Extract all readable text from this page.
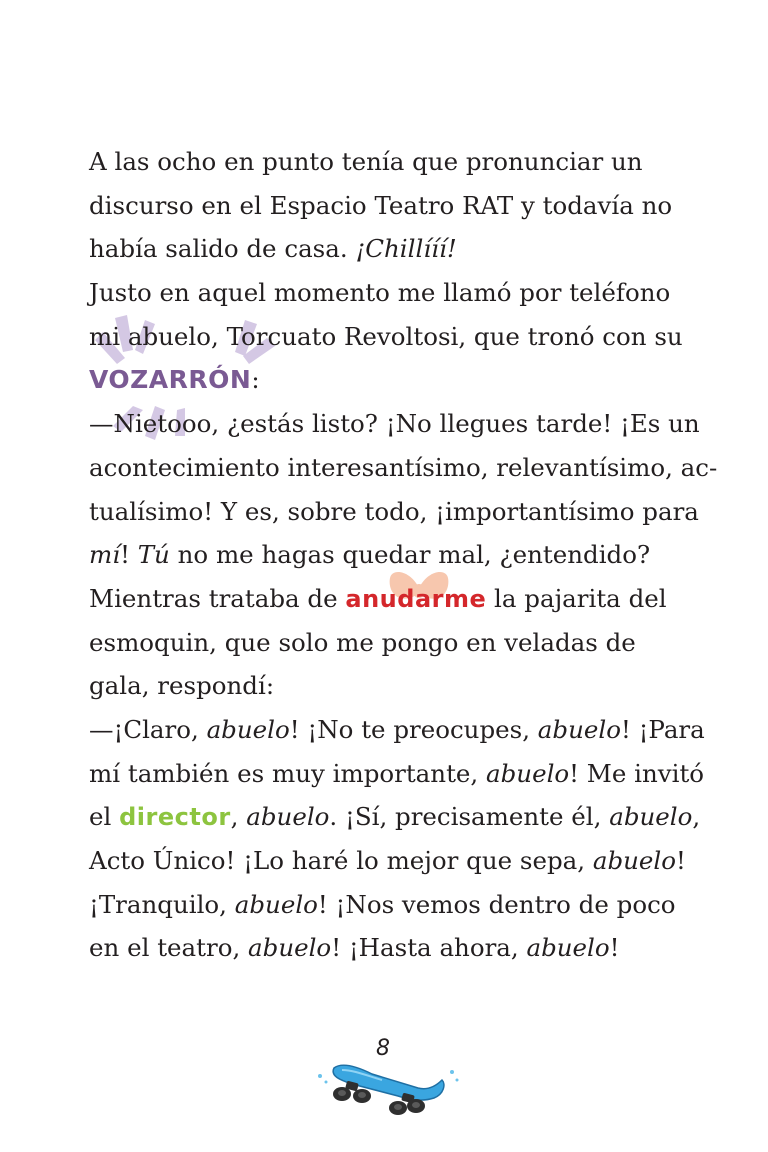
A las ocho en punto tenía que pronunciar un
discurso en el Espacio Teatro RAT y todavía no
había salido de casa. ¡Chillííí!
Justo en aquel momento me llamó por teléfono
mi abuelo, Torcuato Revoltosi, que tronó con su
VOZARRÓN:
—Nietooo, ¿estás listo? ¡No llegues tarde! ¡Es un
acontecimiento interesantísimo, relevantísimo, ac-
tualísimo! Y es, sobre todo, ¡importantísimo para
mí! Tú no me hagas quedar mal, ¿entendido?
Mientras trataba de anudarme la pajarita del
esmoquin, que solo me pongo en veladas de
gala, respondí:
—¡Claro, abuelo! ¡No te preocupes, abuelo! ¡Para
mí también es muy importante, abuelo! Me invitó
el director, abuelo. ¡Sí, precisamente él, abuelo,
Acto Único! ¡Lo haré lo mejor que sepa, abuelo!
¡Tranquilo, abuelo! ¡Nos vemos dentro de poco
en el teatro, abuelo! ¡Hasta ahora, abuelo!
8
